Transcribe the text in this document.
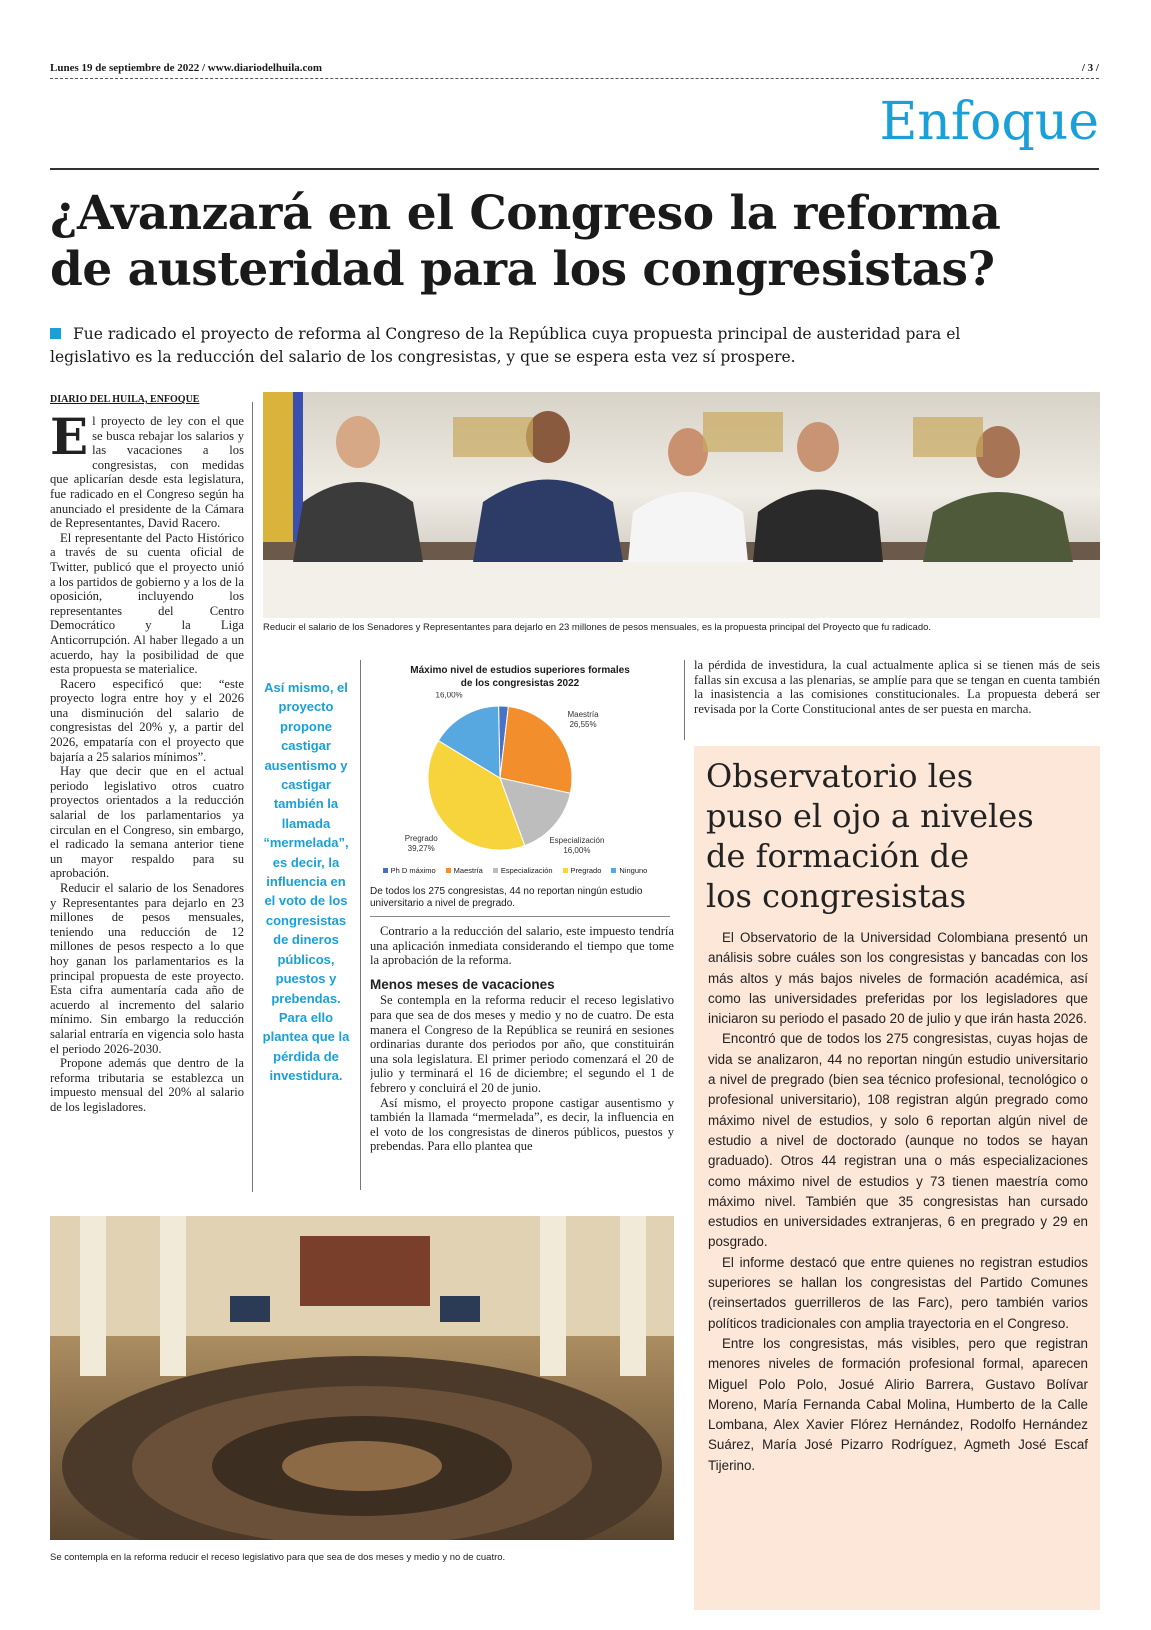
Lunes 19 de septiembre de 2022 / www.diariodelhuila.com	/ 3 /
Enfoque
¿Avanzará en el Congreso la reforma
de austeridad para los congresistas?
Fue radicado el proyecto de reforma al Congreso de la República cuya propuesta principal de austeridad para el
legislativo es la reducción del salario de los congresistas, y que se espera esta vez sí prospere.
DIARIO DEL HUILA, ENFOQUE

El proyecto de ley con el que se busca rebajar los salarios y las vacaciones a los congresistas, con medidas que aplicarían desde esta legislatura, fue radicado en el Congreso según ha anunciado el presidente de la Cámara de Representantes, David Racero.

El representante del Pacto Histórico a través de su cuenta oficial de Twitter, publicó que el proyecto unió a los partidos de gobierno y a los de la oposición, incluyendo los representantes del Centro Democrático y la Liga Anticorrupción. Al haber llegado a un acuerdo, hay la posibilidad de que esta propuesta se materialice.

Racero especificó que: “este proyecto logra entre hoy y el 2026 una disminución del salario de congresistas del 20% y, a partir del 2026, empataría con el proyecto que bajaría a 25 salarios mínimos”.

Hay que decir que en el actual periodo legislativo otros cuatro proyectos orientados a la reducción salarial de los parlamentarios ya circulan en el Congreso, sin embargo, el radicado la semana anterior tiene un mayor respaldo para su aprobación.

Reducir el salario de los Senadores y Representantes para dejarlo en 23 millones de pesos mensuales, teniendo una reducción de 12 millones de pesos respecto a lo que hoy ganan los parlamentarios es la principal propuesta de este proyecto. Esta cifra aumentaría cada año de acuerdo al incremento del salario mínimo. Sin embargo la reducción salarial entraría en vigencia solo hasta el periodo 2026-2030.

Propone además que dentro de la reforma tributaria se establezca un impuesto mensual del 20% al salario de los legisladores.

Reducir el salario de los Senadores y Representantes para dejarlo en 23 millones de pesos mensuales, es la propuesta principal del Proyecto que fu radicado.
Así mismo, el proyecto propone castigar ausentismo y castigar también la llamada “mermelada”, es decir, la influencia en el voto de los congresistas de dineros públicos, puestos y prebendas. Para ello plantea que la pérdida de investidura.
Máximo nivel de estudios superiores formales
de los congresistas 2022
Maestría
26,55%
Especialización
16,00%
Pregrado
39,27%
16,00%
Ph D máximo Maestría Especialización Pregrado Ninguno
De todos los 275 congresistas, 44 no reportan ningún estudio universitario a nivel de pregrado.

Contrario a la reducción del salario, este impuesto tendría una aplicación inmediata considerando el tiempo que tome la aprobación de la reforma.

Menos meses de vacaciones

Se contempla en la reforma reducir el receso legislativo para que sea de dos meses y medio y no de cuatro. De esta manera el Congreso de la República se reunirá en sesiones ordinarias durante dos periodos por año, que constituirán una sola legislatura. El primer periodo comenzará el 20 de julio y terminará el 16 de diciembre; el segundo el 1 de febrero y concluirá el 20 de junio.

Así mismo, el proyecto propone castigar ausentismo y también la llamada “mermelada”, es decir, la influencia en el voto de los congresistas de dineros públicos, puestos y prebendas. Para ello plantea que

la pérdida de investidura, la cual actualmente aplica si se tienen más de seis fallas sin excusa a las plenarias, se amplíe para que se tengan en cuenta también la inasistencia a las comisiones constitucionales. La propuesta deberá ser revisada por la Corte Constitucional antes de ser puesta en marcha.
Observatorio les
puso el ojo a niveles
de formación de
los congresistas

El Observatorio de la Universidad Colombiana presentó un análisis sobre cuáles son los congresistas y bancadas con los más altos y más bajos niveles de formación académica, así como las universidades preferidas por los legisladores que iniciaron su periodo el pasado 20 de julio y que irán hasta 2026.

Encontró que de todos los 275 congresistas, cuyas hojas de vida se analizaron, 44 no reportan ningún estudio universitario a nivel de pregrado (bien sea técnico profesional, tecnológico o profesional universitario), 108 registran algún pregrado como máximo nivel de estudios, y solo 6 reportan algún nivel de estudio a nivel de doctorado (aunque no todos se hayan graduado). Otros 44 registran una o más especializaciones como máximo nivel de estudios y 73 tienen maestría como máximo nivel. También que 35 congresistas han cursado estudios en universidades extranjeras, 6 en pregrado y 29 en posgrado.

El informe destacó que entre quienes no registran estudios superiores se hallan los congresistas del Partido Comunes (reinsertados guerrilleros de las Farc), pero también varios políticos tradicionales con amplia trayectoria en el Congreso.

Entre los congresistas, más visibles, pero que registran menores niveles de formación profesional formal, aparecen Miguel Polo Polo, Josué Alirio Barrera, Gustavo Bolívar Moreno, María Fernanda Cabal Molina, Humberto de la Calle Lombana, Alex Xavier Flórez Hernández, Rodolfo Hernández Suárez, María José Pizarro Rodríguez, Agmeth José Escaf Tijerino.

Se contempla en la reforma reducir el receso legislativo para que sea de dos meses y medio y no de cuatro.
